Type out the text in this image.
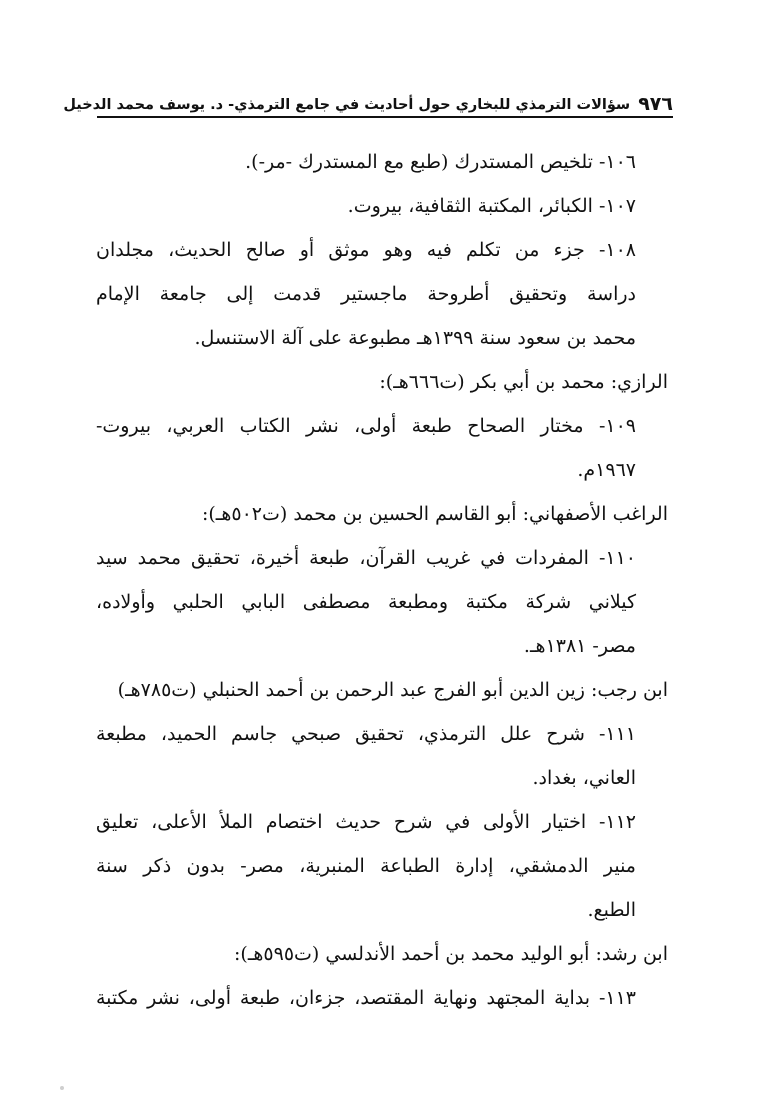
٩٧٦
سؤالات الترمذي للبخاري حول أحاديث في جامع الترمذي- د. يوسف محمد الدخيل
١٠٦- تلخيص المستدرك (طبع مع المستدرك -مر-).
١٠٧- الكبائر، المكتبة الثقافية، بيروت.
١٠٨- جزء من تكلم فيه وهو موثق أو صالح الحديث، مجلدان
دراسة وتحقيق أطروحة ماجستير قدمت إلى جامعة الإمام
محمد بن سعود سنة ١٣٩٩هـ مطبوعة على آلة الاستنسل.
الرازي: محمد بن أبي بكر (ت٦٦٦هـ):
١٠٩- مختار الصحاح طبعة أولى، نشر الكتاب العربي، بيروت-
١٩٦٧م.
الراغب الأصفهاني: أبو القاسم الحسين بن محمد (ت٥٠٢هـ):
١١٠- المفردات في غريب القرآن، طبعة أخيرة، تحقيق محمد سيد
كيلاني شركة مكتبة ومطبعة مصطفى البابي الحلبي وأولاده،
مصر- ١٣٨١هـ.
ابن رجب: زين الدين أبو الفرج عبد الرحمن بن أحمد الحنبلي (ت٧٨٥هـ)
١١١- شرح علل الترمذي، تحقيق صبحي جاسم الحميد، مطبعة
العاني، بغداد.
١١٢- اختيار الأولى في شرح حديث اختصام الملأ الأعلى، تعليق
منير الدمشقي، إدارة الطباعة المنبرية، مصر- بدون ذكر سنة
الطبع.
ابن رشد: أبو الوليد محمد بن أحمد الأندلسي (ت٥٩٥هـ):
١١٣- بداية المجتهد ونهاية المقتصد، جزءان، طبعة أولى، نشر مكتبة
